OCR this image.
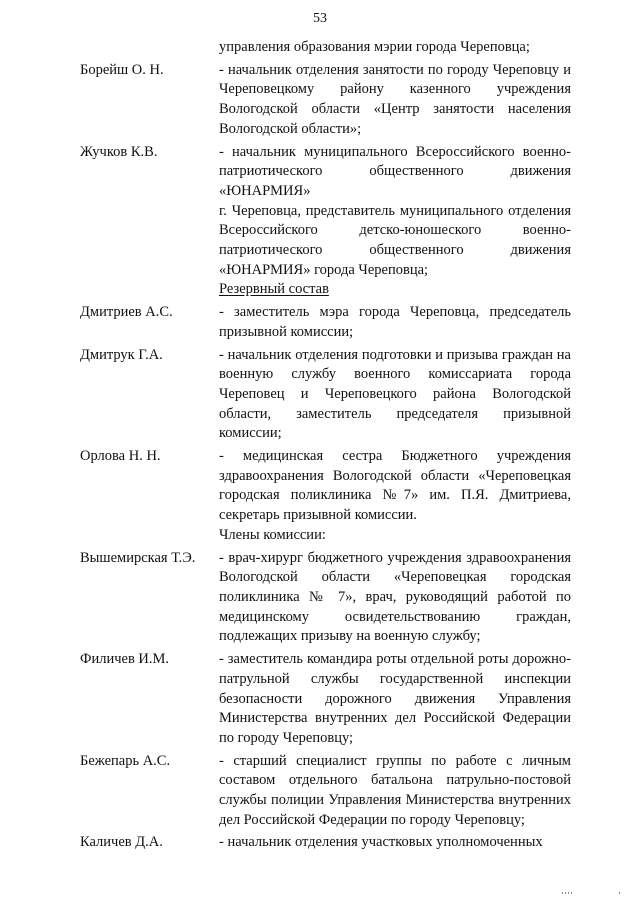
53

управления образования мэрии города Череповца;

Борейш О. Н.	- начальник отделения занятости по городу Череповцу и Череповецкому району казенного учреждения Вологодской области «Центр занятости населения Вологодской области»;

Жучков К.В.	- начальник муниципального Всероссийского военно-патриотического общественного движения «ЮНАРМИЯ»

г. Череповца, представитель муниципального отделения Всероссийского детско-юношеского военно-патриотического общественного движения «ЮНАРМИЯ» города Череповца;

Резервный состав

Дмитриев А.С.	- заместитель мэра города Череповца, председатель призывной комиссии;

Дмитрук Г.А.	- начальник отделения подготовки и призыва граждан на военную службу военного комиссариата города Череповец и Череповецкого района Вологодской области, заместитель председателя призывной комиссии;

Орлова Н. Н.	- медицинская сестра Бюджетного учреждения здравоохранения Вологодской области «Череповецкая городская поликлиника №7» им. П.Я. Дмитриева, секретарь призывной комиссии.

Члены комиссии:

Вышемирская Т.Э. - врач-хирург бюджетного учреждения здравоохранения Вологодской области «Череповецкая городская поликлиника № 7», врач, руководящий работой по медицинскому освидетельствованию граждан, подлежащих призыву на военную службу;

Филичев И.М.	- заместитель командира роты отдельной роты дорожно-патрульной службы государственной инспекции безопасности дорожного движения Управления Министерства внутренних дел Российской Федерации по городу Череповцу;

Бежепарь А.С.	- старший специалист группы по работе с личным составом отдельного батальона патрульно-постовой службы полиции Управления Министерства внутренних дел Российской Федерации по городу Череповцу;

Каличев Д.А.	- начальник отделения участковых уполномоченных
